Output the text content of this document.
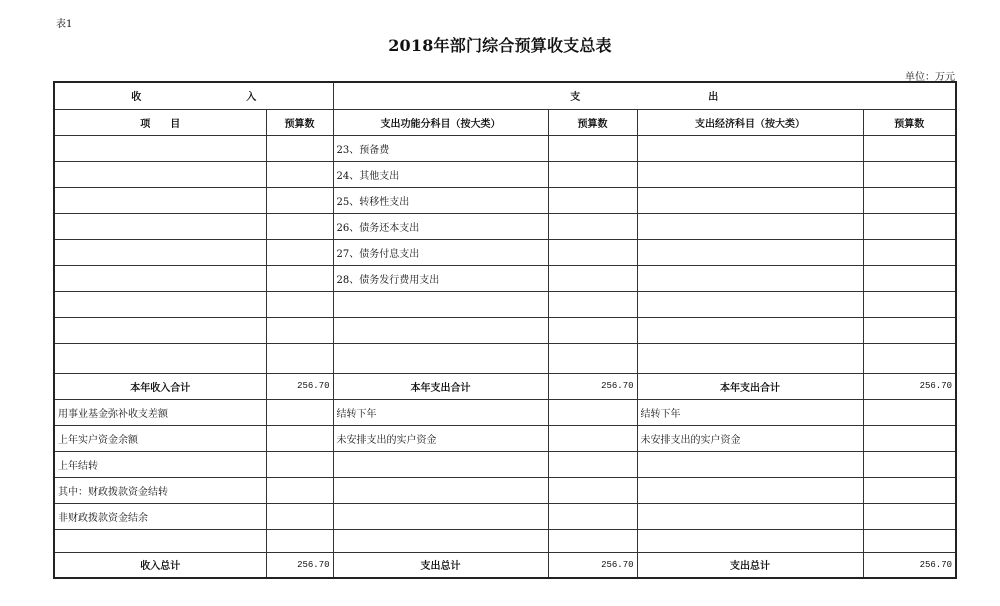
表1
2018年部门综合预算收支总表
单位：万元
收 入		支 出			

项　　目	预算数	支出功能分科目（按大类）	预算数	支出经济科目（按大类）	预算数
		23、预备费			
		24、其他支出			
		25、转移性支出			
		26、债务还本支出			
		27、债务付息支出			
		28、债务发行费用支出			

本年收入合计	256.70	本年支出合计	256.70	本年支出合计	256.70
用事业基金弥补收支差额		结转下年		结转下年	
上年实户资金余额		未安排支出的实户资金		未安排支出的实户资金	
上年结转					
其中：财政拨款资金结转					
非财政拨款资金结余					

收入总计	256.70	支出总计	256.70	支出总计	256.70
